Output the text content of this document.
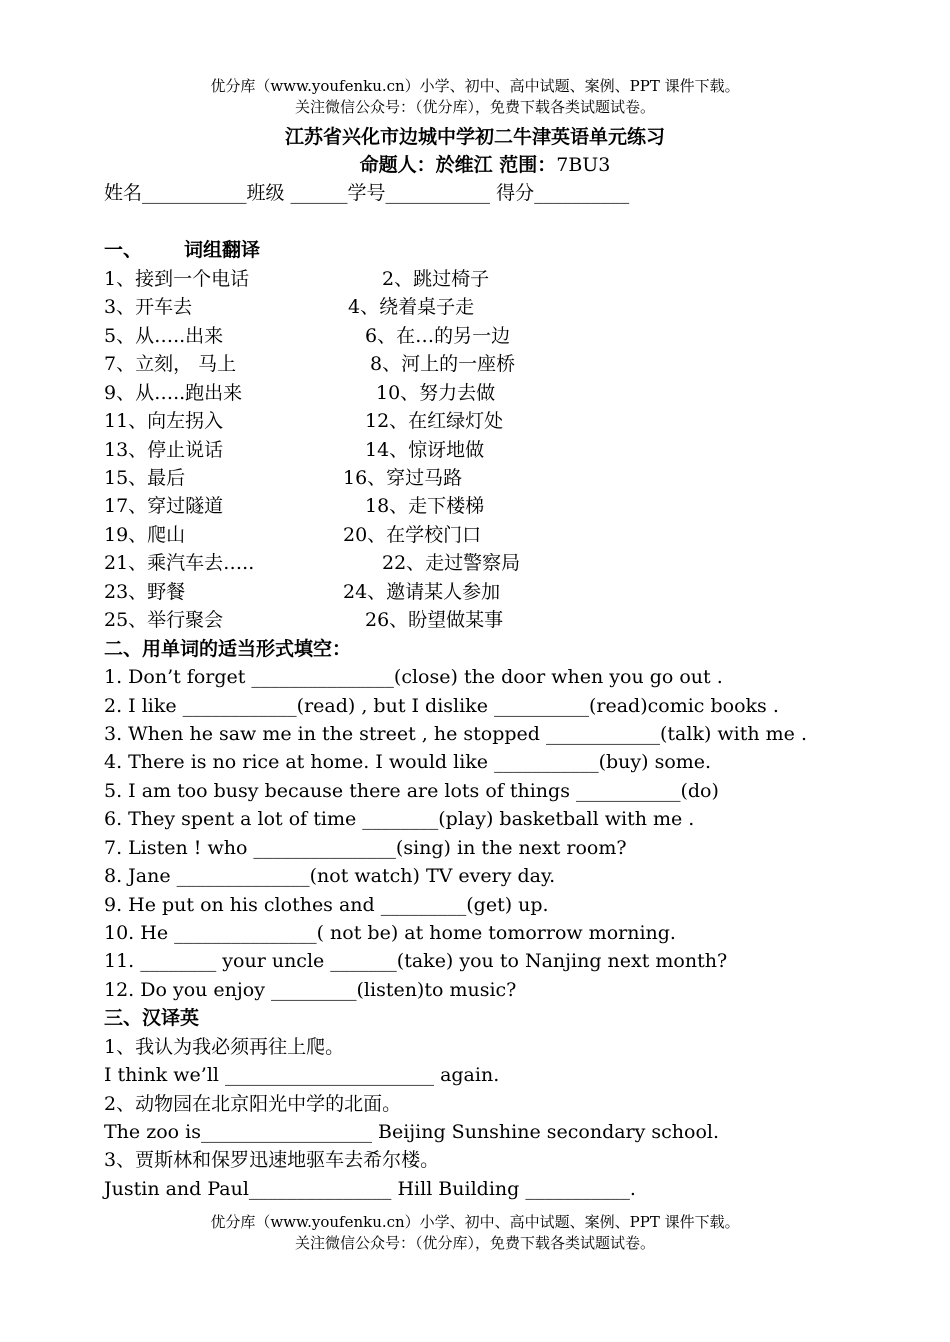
优分库（www.youfenku.cn）小学、初中、高中试题、案例、PPT 课件下载。
关注微信公众号：（优分库），免费下载各类试题试卷。
江苏省兴化市边城中学初二牛津英语单元练习
命题人：於维江 范围：7BU3
姓名___________班级 ______学号___________ 得分__________
一、 词组翻译
1、接到一个电话	2、跳过椅子
3、开车去	4、绕着桌子走
5、从…..出来	6、在…的另一边
7、立刻， 马上	8、河上的一座桥
9、从…..跑出来	10、努力去做
11、向左拐入	12、在红绿灯处
13、停止说话	14、惊讶地做
15、最后	16、穿过马路
17、穿过隧道	18、走下楼梯
19、爬山	20、在学校门口
21、乘汽车去…..	22、走过警察局
23、野餐	24、邀请某人参加
25、举行聚会	26、盼望做某事
二、用单词的适当形式填空：
1. Don’t forget _______________(close) the door when you go out .
2. I like ____________(read) , but I dislike __________(read)comic books .
3. When he saw me in the street , he stopped ____________(talk) with me .
4. There is no rice at home. I would like ___________(buy) some.
5. I am too busy because there are lots of things ___________(do)
6. They spent a lot of time ________(play) basketball with me .
7. Listen ! who _______________(sing) in the next room?
8. Jane ______________(not watch) TV every day.
9. He put on his clothes and _________(get) up.
10. He _______________( not be) at home tomorrow morning.
11. ________ your uncle _______(take) you to Nanjing next month?
12. Do you enjoy _________(listen)to music?
三、汉译英
1、我认为我必须再往上爬。
I think we’ll ______________________ again.
2、动物园在北京阳光中学的北面。
The zoo is__________________ Beijing Sunshine secondary school.
3、贾斯林和保罗迅速地驱车去希尔楼。
Justin and Paul_______________ Hill Building ___________.
优分库（www.youfenku.cn）小学、初中、高中试题、案例、PPT 课件下载。
关注微信公众号：（优分库），免费下载各类试题试卷。
